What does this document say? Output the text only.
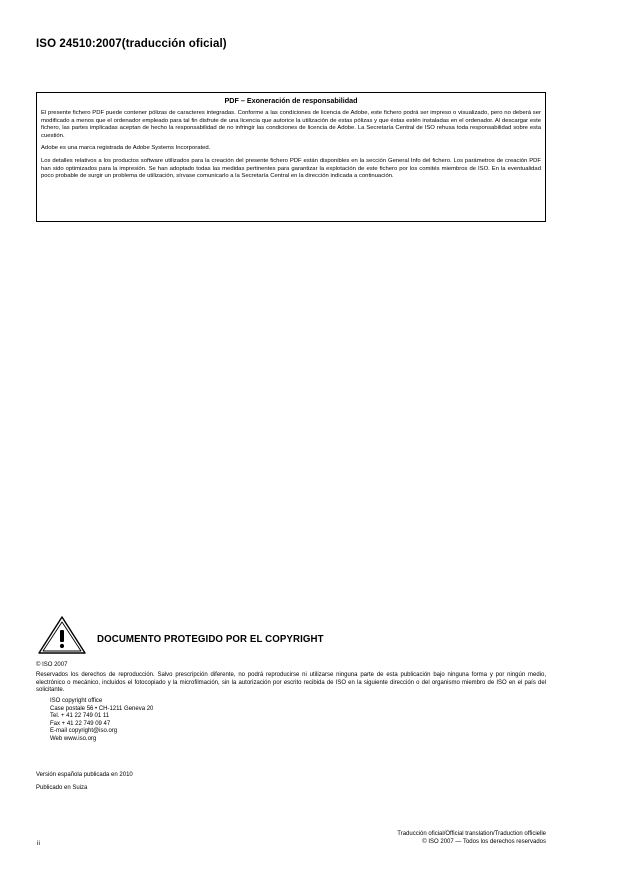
ISO 24510:2007(traducción oficial)
PDF – Exoneración de responsabilidad

El presente fichero PDF puede contener pólizas de caracteres integradas. Conforme a las condiciones de licencia de Adobe, este fichero podrá ser impreso o visualizado, pero no deberá ser modificado a menos que el ordenador empleado para tal fin disfrute de una licencia que autorice la utilización de estas pólizas y que éstas estén instaladas en el ordenador. Al descargar este fichero, las partes implicadas aceptan de hecho la responsabilidad de no infringir las condiciones de licencia de Adobe. La Secretaría Central de ISO rehusa toda responsabilidad sobre esta cuestión.

Adobe es una marca registrada de Adobe Systems Incorporated.

Los detalles relativos a los productos software utilizados para la creación del presente fichero PDF están disponibles en la sección General Info del fichero. Los parámetros de creación PDF han sido optimizados para la impresión. Se han adoptado todas las medidas pertinentes para garantizar la explotación de este fichero por los comités miembros de ISO. En la eventualidad poco probable de surgir un problema de utilización, sírvase comunicarlo a la Secretaría Central en la dirección indicada a continuación.

DOCUMENTO PROTEGIDO POR EL COPYRIGHT
© ISO 2007

Reservados los derechos de reproducción. Salvo prescripción diferente, no podrá reproducirse ni utilizarse ninguna parte de esta publicación bajo ninguna forma y por ningún medio, electrónico o mecánico, incluidos el fotocopiado y la microfilmación, sin la autorización por escrito recibida de ISO en la siguiente dirección o del organismo miembro de ISO en el país del solicitante.

ISO copyright office
Case postale 56 • CH-1211 Geneva 20
Tel. + 41 22 749 01 11
Fax + 41 22 749 09 47
E-mail copyright@iso.org
Web www.iso.org
Versión española publicada en 2010
Publicado en Suiza
ii
Traducción oficial/Official translation/Traduction officielle
© ISO 2007 — Todos los derechos reservados
